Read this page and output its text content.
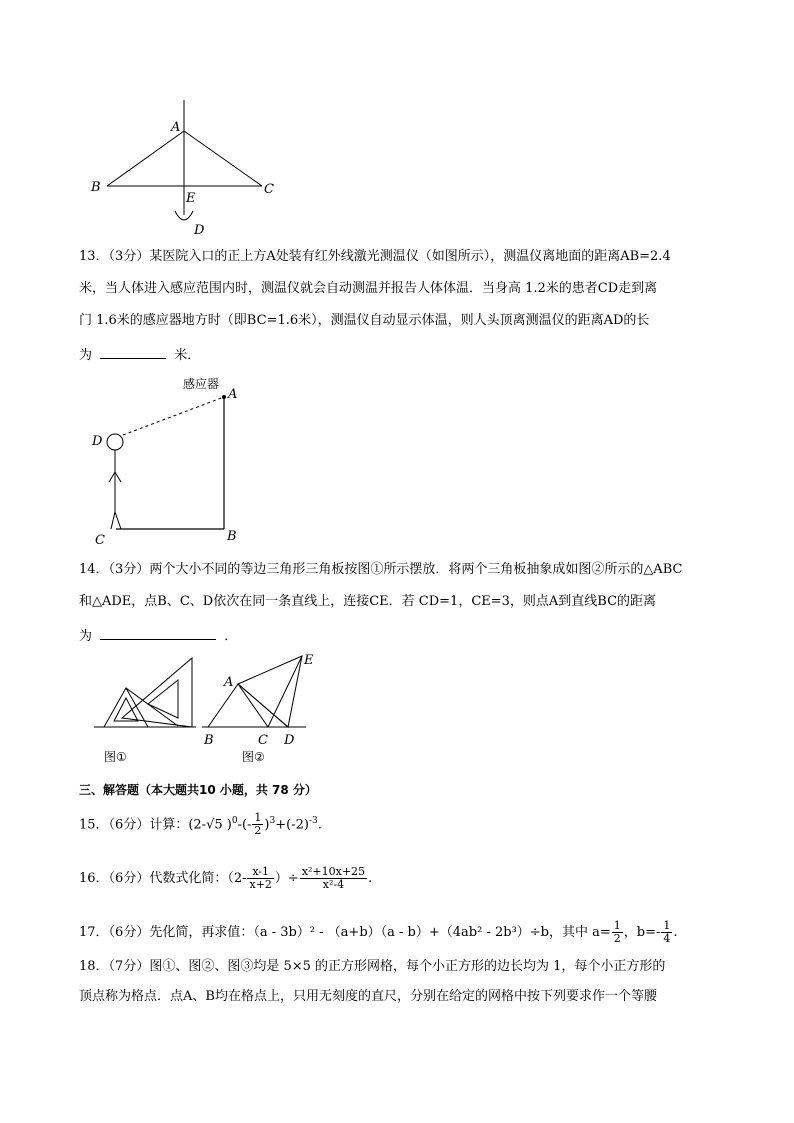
A
B	C
E
D
13．（3分）某医院入口的正上方A处装有红外线激光测温仪（如图所示），测温仪离地面的距离AB=2.4
米，当人体进入感应范围内时，测温仪就会自动测温并报告人体体温．当身高 1.2米的患者CD走到离
门 1.6米的感应器地方时（即BC=1.6米），测温仪自动显示体温，则人头顶离测温仪的距离AD的长
为	米．
感应器
A
B
C
D
14．（3分）两个大小不同的等边三角形三角板按图①所示摆放．将两个三角板抽象成如图②所示的△ABC
和△ADE，点B、C、D依次在同一条直线上，连接CE．若 CD=1，CE=3，则点A到直线BC的距离
为	．
图①
A
E
B	C D
图②
三、解答题（本大题共10 小题，共 78 分）
15．（6分）计算：(2-√5 )$^0-(- \frac{1}{2} )^3+(-2)^{-3}$.
16．（6分）代数式化简：（$2- \frac{x-1}{x+2}$ ）÷ $\frac{\text{x²+10x+25}}{\text{x²-4}}$ .
17．（6分）先化简，再求值：（a - 3b）² - （a+b）（a - b）+（4ab² - 2b³）÷b，其中 $a= \frac{1}{2}$ ，$b=- \frac{1}{4}$ .
18．（7分）图①、图②、图③均是 5×5 的正方形网格，每个小正方形的边长均为 1，每个小正方形的
顶点称为格点．点A、B均在格点上，只用无刻度的直尺，分别在给定的网格中按下列要求作一个等腰
